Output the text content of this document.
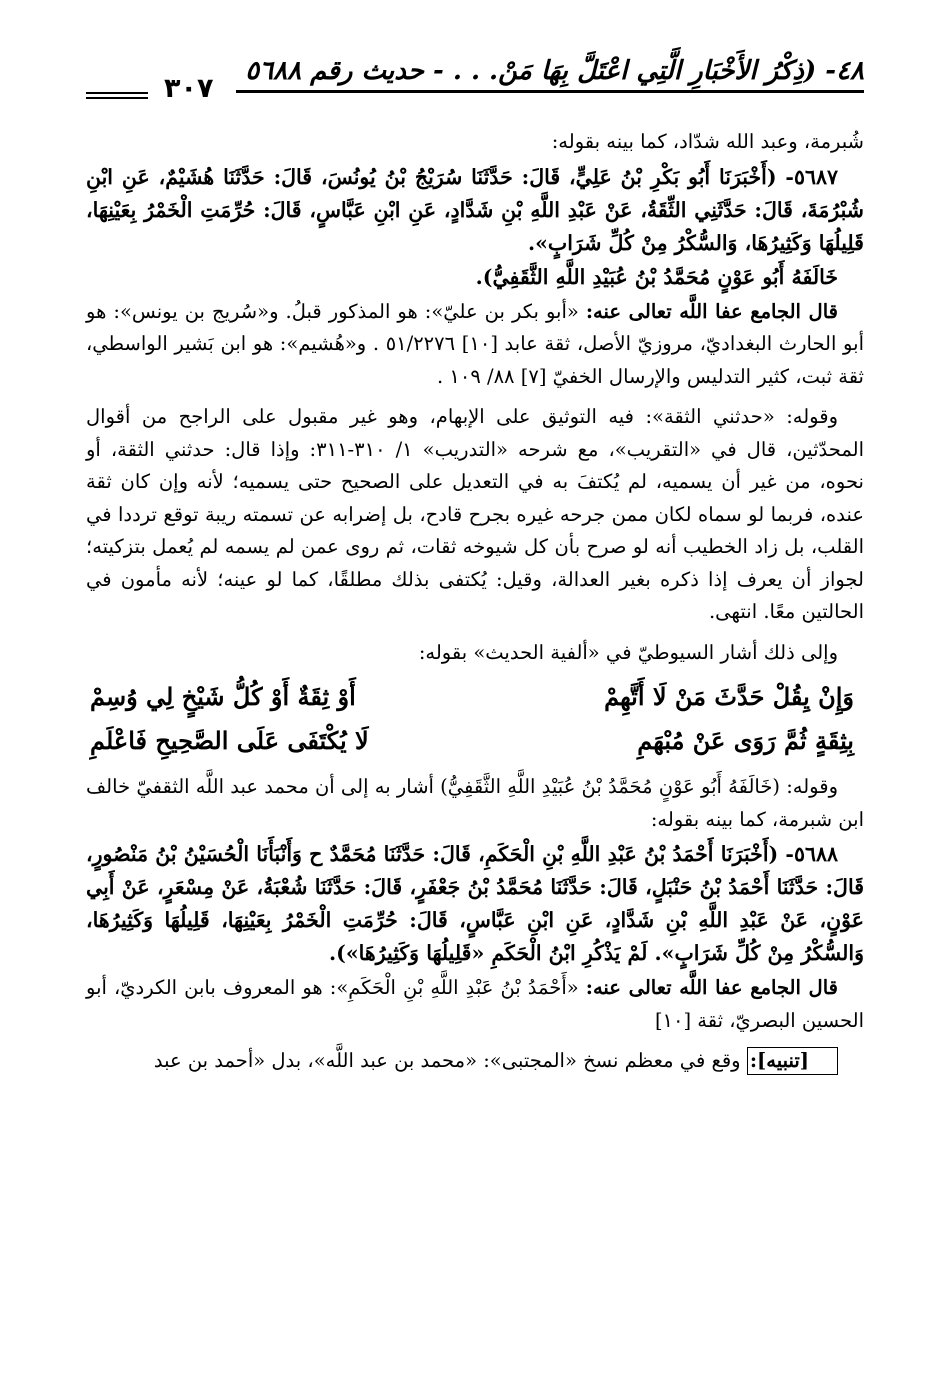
٤٨- (ذِكْرُ الأَخْبَارِ الَّتِي اعْتَلَّ بِهَا مَنْ. . . - حديث رقم ٥٦٨٨
٣٠٧

شُبرمة، وعبد الله شدّاد، كما بينه بقوله:

٥٦٨٧- (أَخْبَرَنَا أَبُو بَكْرِ بْنُ عَلِيٍّ، قَالَ: حَدَّثَنَا سُرَيْجُ بْنُ يُونُسَ، قَالَ: حَدَّثَنَا هُشَيْمٌ، عَنِ ابْنِ شُبْرُمَةَ، قَالَ: حَدَّثَنِي الثِّقَةُ، عَنْ عَبْدِ اللَّهِ بْنِ شَدَّادٍ، عَنِ ابْنِ عَبَّاسٍ، قَالَ: حُرِّمَتِ الْخَمْرُ بِعَيْنِهَا، قَلِيلُهَا وَكَثِيرُهَا، وَالسُّكْرُ مِنْ كُلِّ شَرَابٍ».

خَالَفَهُ أَبُو عَوْنٍ مُحَمَّدُ بْنُ عُبَيْدِ اللَّهِ الثَّقَفِيُّ).

قال الجامع عفا اللَّه تعالى عنه: «أبو بكر بن عليّ»: هو المذكور قبلُ. و«سُريج بن يونس»: هو أبو الحارث البغداديّ، مروزيّ الأصل، ثقة عابد [١٠] ٥١/٢٢٧٦ . و«هُشيم»: هو ابن بَشير الواسطي، ثقة ثبت، كثير التدليس والإرسال الخفيّ [٧] ٨٨/ ١٠٩ .

وقوله: «حدثني الثقة»: فيه التوثيق على الإبهام، وهو غير مقبول على الراجح من أقوال المحدّثين، قال في «التقريب»، مع شرحه «التدريب» ١/ ٣١٠-٣١١: وإذا قال: حدثني الثقة، أو نحوه، من غير أن يسميه، لم يُكتفَ به في التعديل على الصحيح حتى يسميه؛ لأنه وإن كان ثقة عنده، فربما لو سماه لكان ممن جرحه غيره بجرح قادح، بل إضرابه عن تسمته ريبة توقع ترددا في القلب، بل زاد الخطيب أنه لو صرح بأن كل شيوخه ثقات، ثم روى عمن لم يسمه لم يُعمل بتزكيته؛ لجواز أن يعرف إذا ذكره بغير العدالة، وقيل: يُكتفى بذلك مطلقًا، كما لو عينه؛ لأنه مأمون في الحالتين معًا. انتهى.

وإلى ذلك أشار السيوطيّ في «ألفية الحديث» بقوله:

وَإِنْ يِقُلْ حَدَّثَ مَنْ لَا أَتَّهِمْ
أَوْ ثِقَةٌ أَوْ كُلُّ شَيْخٍ لِي وُسِمْ
بِثِقَةٍ ثُمَّ رَوَى عَنْ مُبْهَمِ
لَا يُكْتَفَى عَلَى الصَّحِيحِ فَاعْلَمِ

وقوله: (خَالَفَهُ أَبُو عَوْنٍ مُحَمَّدُ بْنُ عُبَيْدِ اللَّهِ الثَّقَفِيُّ) أشار به إلى أن محمد عبد اللَّه الثقفيّ خالف ابن شبرمة، كما بينه بقوله:

٥٦٨٨- (أَخْبَرَنَا أَحْمَدُ بْنُ عَبْدِ اللَّهِ بْنِ الْحَكَمِ، قَالَ: حَدَّثَنَا مُحَمَّدٌ ح وَأَنْبَأَنَا الْحُسَيْنُ بْنُ مَنْصُورٍ، قَالَ: حَدَّثَنَا أَحْمَدُ بْنُ حَنْبَلٍ، قَالَ: حَدَّثَنَا مُحَمَّدُ بْنُ جَعْفَرٍ، قَالَ: حَدَّثَنَا شُعْبَةُ، عَنْ مِسْعَرٍ، عَنْ أَبِي عَوْنٍ، عَنْ عَبْدِ اللَّهِ بْنِ شَدَّادٍ، عَنِ ابْنِ عَبَّاسٍ، قَالَ: حُرِّمَتِ الْخَمْرُ بِعَيْنِهَا، قَلِيلُهَا وَكَثِيرُهَا، وَالسُّكْرُ مِنْ كُلِّ شَرَابٍ». لَمْ يَذْكُرِ ابْنُ الْحَكَمِ «قَلِيلُهَا وَكَثِيرُهَا»).

قال الجامع عفا اللَّه تعالى عنه: «أَحْمَدُ بْنُ عَبْدِ اللَّهِ بْنِ الْحَكَمِ»: هو المعروف بابن الكرديّ، أبو الحسين البصريّ، ثقة [١٠]

[تنبيه]: وقع في معظم نسخ «المجتبى»: «محمد بن عبد اللَّه»، بدل «أحمد بن عبد
